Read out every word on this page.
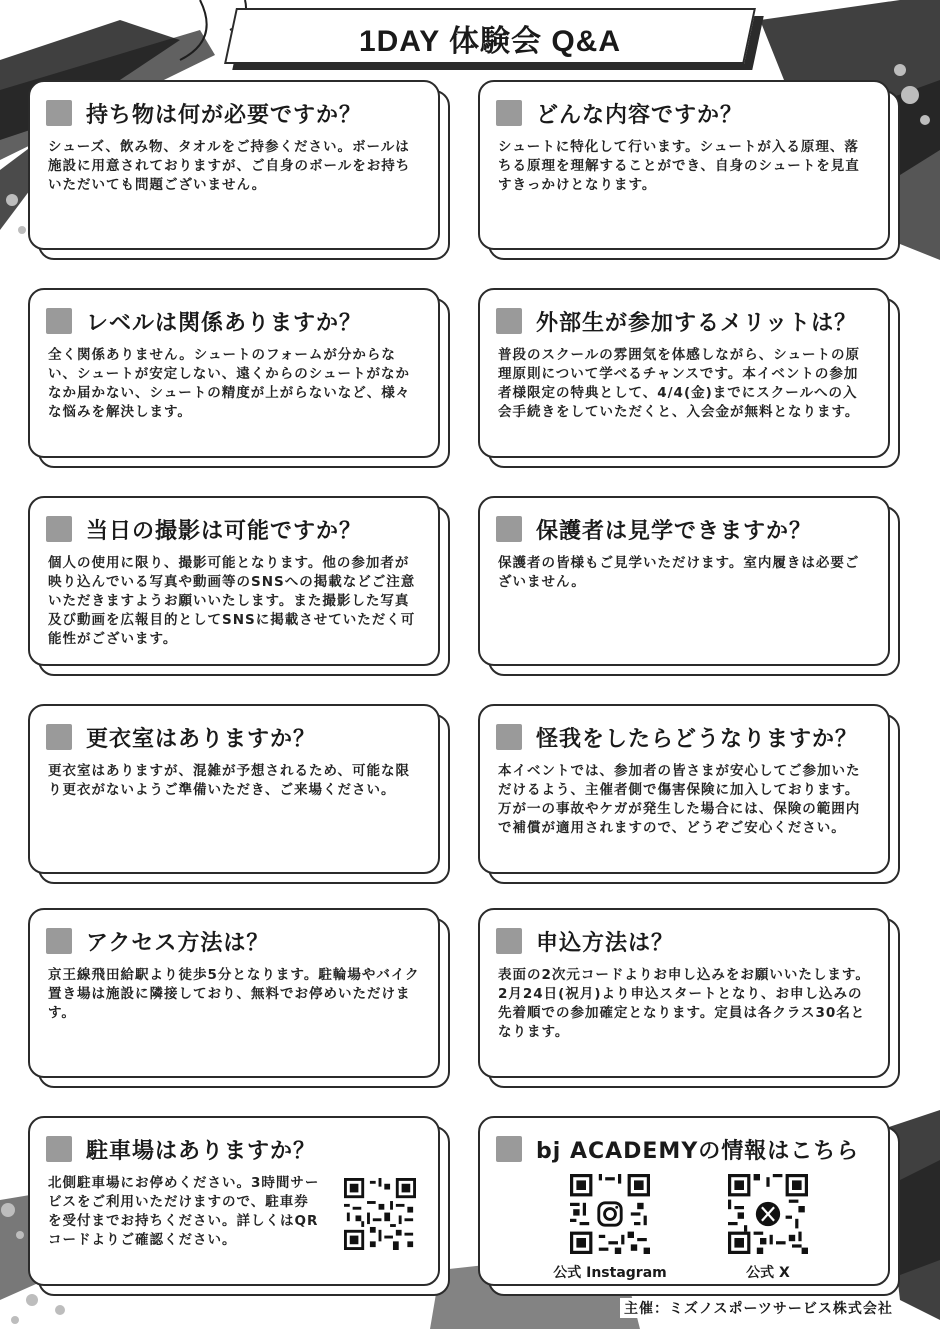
1DAY 体験会 Q&A
持ち物は何が必要ですか？
シューズ、飲み物、タオルをご持参ください。ボールは施設に用意されておりますが、ご自身のボールをお持ちいただいても問題ございません。
どんな内容ですか？
シュートに特化して行います。シュートが入る原理、落ちる原理を理解することができ、自身のシュートを見直すきっかけとなります。
レベルは関係ありますか？
全く関係ありません。シュートのフォームが分からない、シュートが安定しない、遠くからのシュートがなかなか届かない、シュートの精度が上がらないなど、様々な悩みを解決します。
外部生が参加するメリットは？
普段のスクールの雰囲気を体感しながら、シュートの原理原則について学べるチャンスです。本イベントの参加者様限定の特典として、4/4(金)までにスクールへの入会手続きをしていただくと、入会金が無料となります。
当日の撮影は可能ですか？
個人の使用に限り、撮影可能となります。他の参加者が映り込んでいる写真や動画等のSNSへの掲載などご注意いただきますようお願いいたします。また撮影した写真及び動画を広報目的としてSNSに掲載させていただく可能性がございます。
保護者は見学できますか？
保護者の皆様もご見学いただけます。室内履きは必要ございません。
更衣室はありますか？
更衣室はありますが、混雑が予想されるため、可能な限り更衣がないようご準備いただき、ご来場ください。
怪我をしたらどうなりますか？
本イベントでは、参加者の皆さまが安心してご参加いただけるよう、主催者側で傷害保険に加入しております。万が一の事故やケガが発生した場合には、保険の範囲内で補償が適用されますので、どうぞご安心ください。
アクセス方法は？
京王線飛田給駅より徒歩5分となります。駐輪場やバイク置き場は施設に隣接しており、無料でお停めいただけます。
申込方法は？
表面の2次元コードよりお申し込みをお願いいたします。2月24日(祝月)より申込スタートとなり、お申し込みの先着順での参加確定となります。定員は各クラス30名となります。
駐車場はありますか？
北側駐車場にお停めください。3時間サービスをご利用いただけますので、駐車券を受付までお持ちください。詳しくはQRコードよりご確認ください。
bj ACADEMYの情報はこちら
公式 Instagram	公式 X
主催：ミズノスポーツサービス株式会社
